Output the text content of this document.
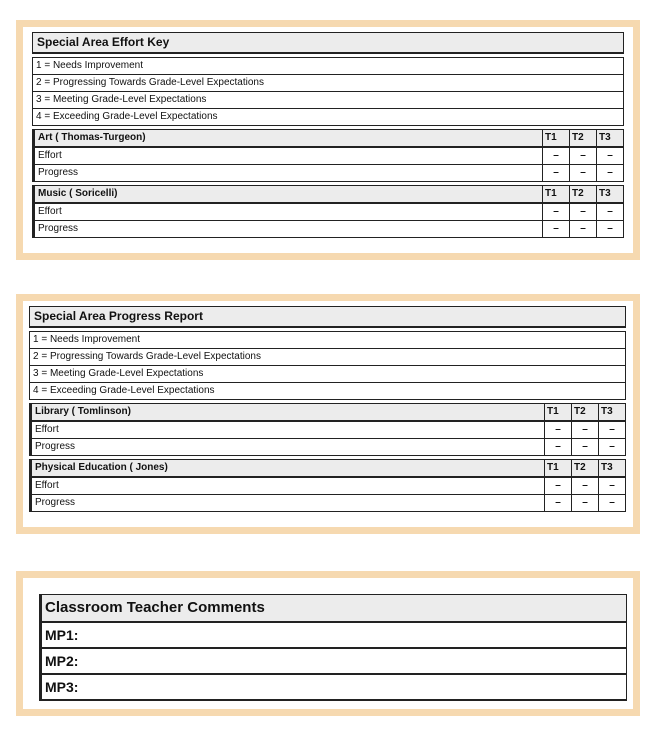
Special Area Effort Key
1 = Needs Improvement
2 = Progressing Towards Grade-Level Expectations
3 = Meeting Grade-Level Expectations
4 = Exceeding Grade-Level Expectations
Art ( Thomas-Turgeon)	T1	T2	T3
Effort	–	–	–
Progress	–	–	–
Music ( Soricelli)	T1	T2	T3
Effort	–	–	–
Progress	–	–	–
Special Area Progress Report
1 = Needs Improvement
2 = Progressing Towards Grade-Level Expectations
3 = Meeting Grade-Level Expectations
4 = Exceeding Grade-Level Expectations
Library ( Tomlinson)	T1	T2	T3
Effort	–	–	–
Progress	–	–	–
Physical Education ( Jones)	T1	T2	T3
Effort	–	–	–
Progress	–	–	–
Classroom Teacher Comments
MP1:
MP2:
MP3:
